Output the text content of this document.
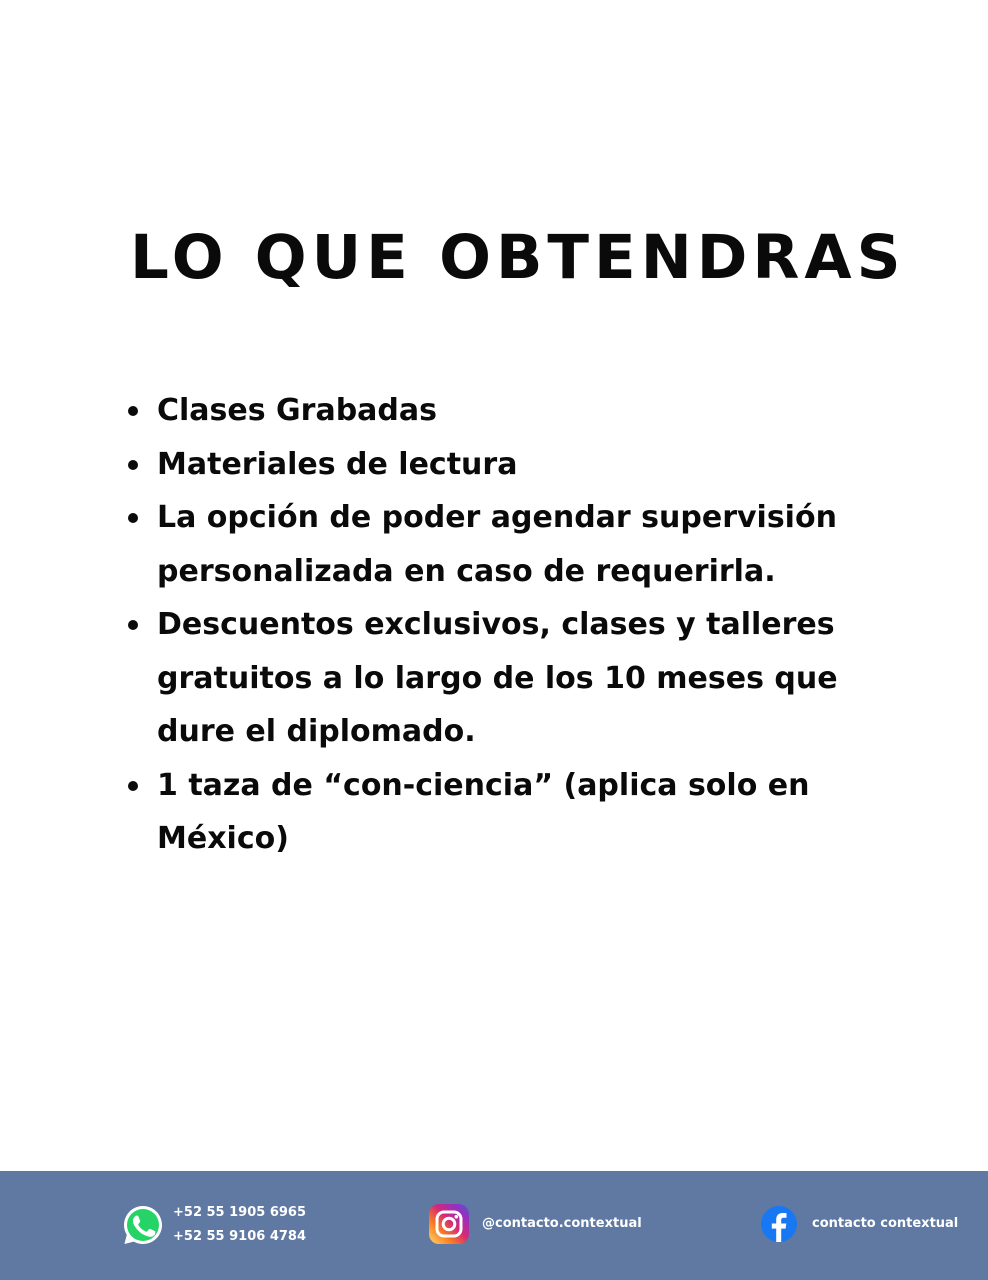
LO QUE OBTENDRAS
Clases Grabadas
Materiales de lectura
La opción de poder agendar supervisión personalizada en caso de requerirla.
Descuentos exclusivos, clases y talleres gratuitos a lo largo de los 10 meses que dure el diplomado.
1 taza de “con-ciencia” (aplica solo en México)
+52 55 1905 6965
+52 55 9106 4784
@contacto.contextual	contacto contextual
